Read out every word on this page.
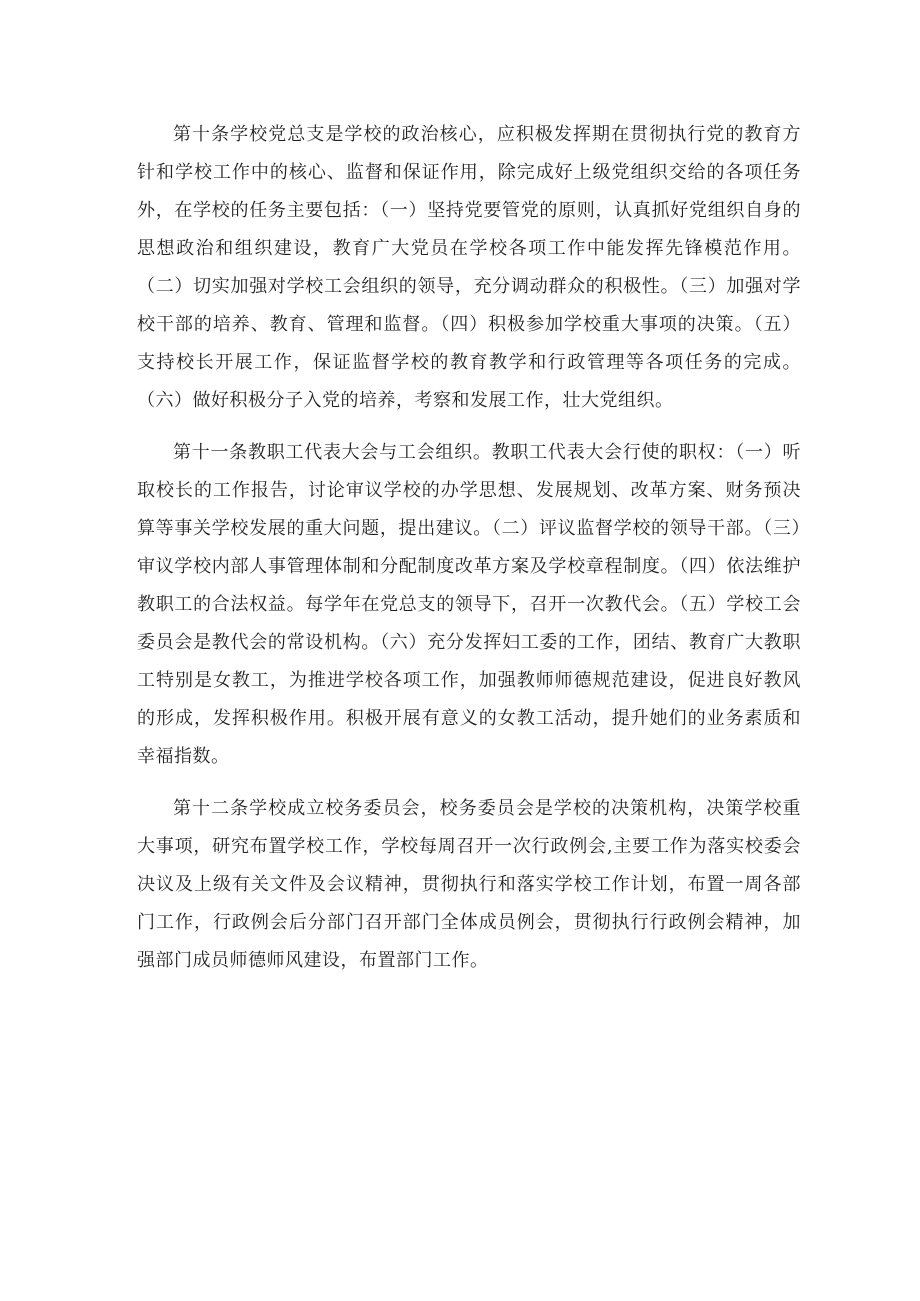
第十条学校党总支是学校的政治核心，应积极发挥期在贯彻执行党的教育方针和学校工作中的核心、监督和保证作用，除完成好上级党组织交给的各项任务外，在学校的任务主要包括：（一）坚持党要管党的原则，认真抓好党组织自身的思想政治和组织建设，教育广大党员在学校各项工作中能发挥先锋模范作用。（二）切实加强对学校工会组织的领导，充分调动群众的积极性。（三）加强对学校干部的培养、教育、管理和监督。（四）积极参加学校重大事项的决策。（五）支持校长开展工作，保证监督学校的教育教学和行政管理等各项任务的完成。（六）做好积极分子入党的培养，考察和发展工作，壮大党组织。

第十一条教职工代表大会与工会组织。教职工代表大会行使的职权：（一）听取校长的工作报告，讨论审议学校的办学思想、发展规划、改革方案、财务预决算等事关学校发展的重大问题，提出建议。（二）评议监督学校的领导干部。（三）审议学校内部人事管理体制和分配制度改革方案及学校章程制度。（四）依法维护教职工的合法权益。每学年在党总支的领导下，召开一次教代会。（五）学校工会委员会是教代会的常设机构。（六）充分发挥妇工委的工作，团结、教育广大教职工特别是女教工，为推进学校各项工作，加强教师师德规范建设，促进良好教风的形成，发挥积极作用。积极开展有意义的女教工活动，提升她们的业务素质和幸福指数。

第十二条学校成立校务委员会，校务委员会是学校的决策机构，决策学校重大事项，研究布置学校工作，学校每周召开一次行政例会,主要工作为落实校委会决议及上级有关文件及会议精神，贯彻执行和落实学校工作计划，布置一周各部门工作，行政例会后分部门召开部门全体成员例会，贯彻执行行政例会精神，加强部门成员师德师风建设，布置部门工作。
